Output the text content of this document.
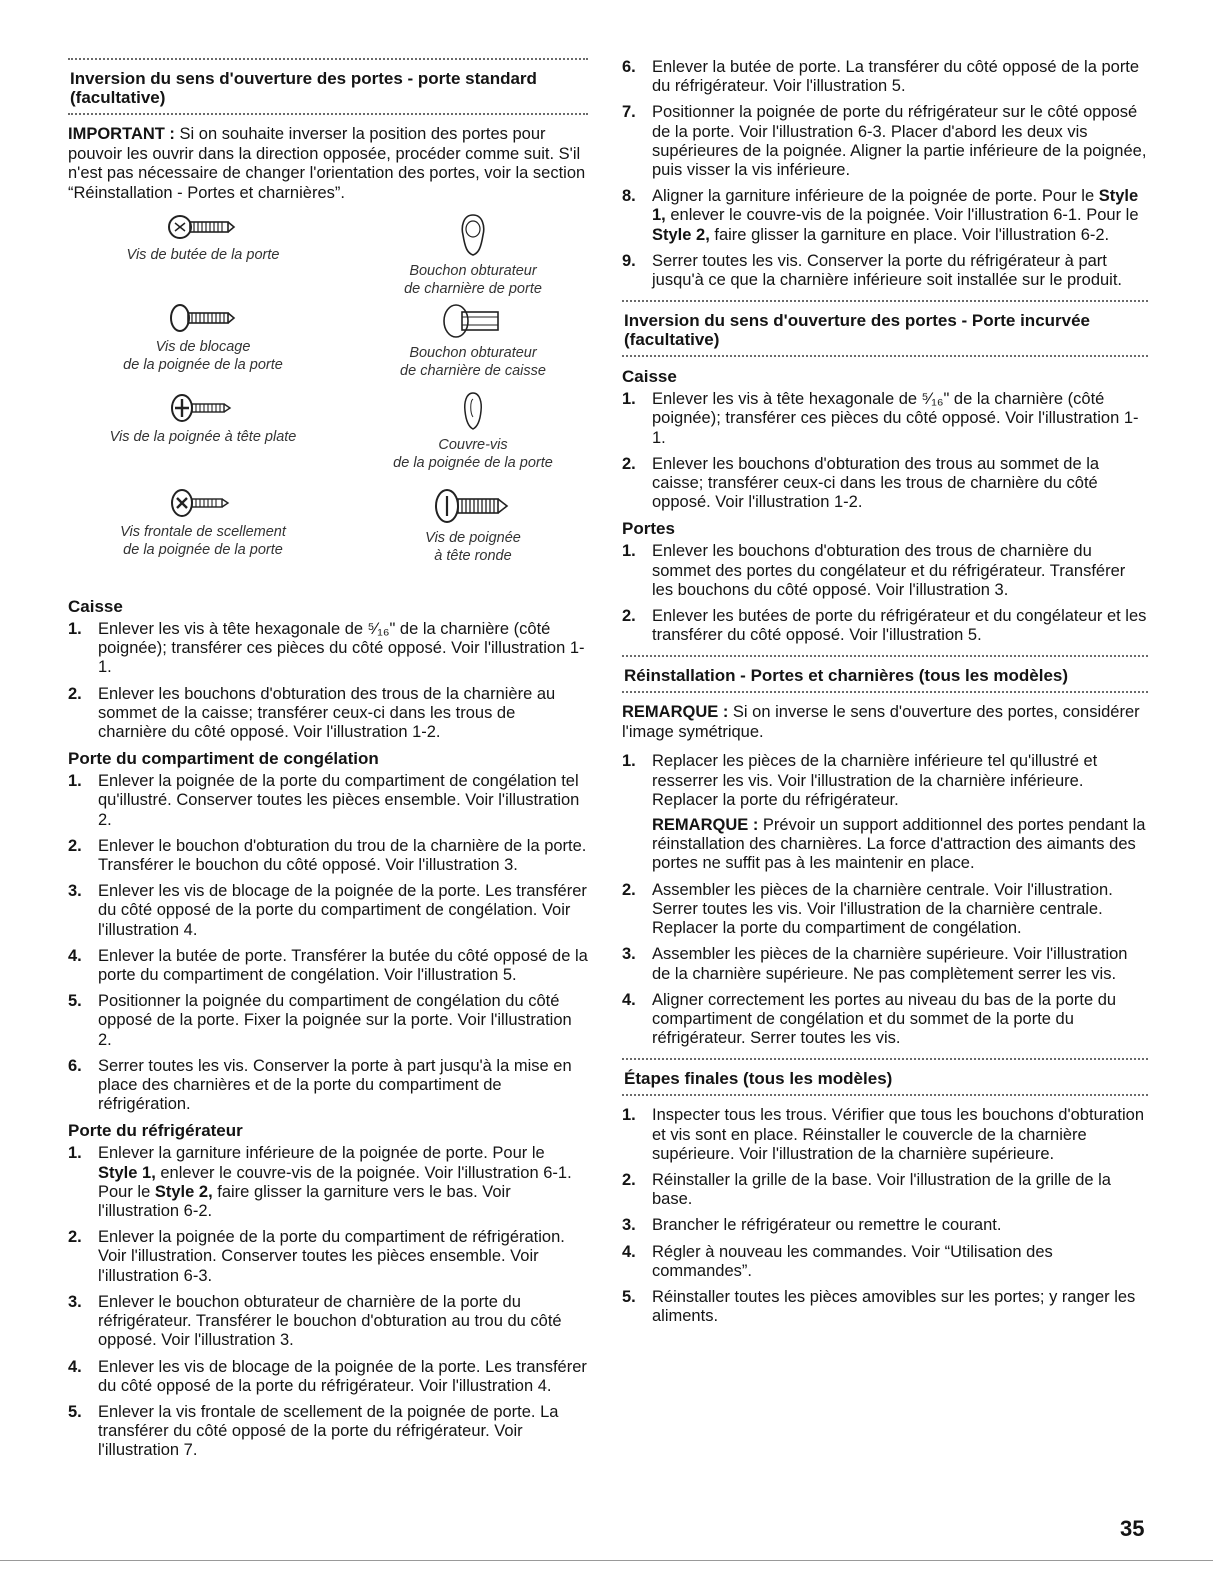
Inversion du sens d'ouverture des portes - porte standard (facultative)

IMPORTANT : Si on souhaite inverser la position des portes pour pouvoir les ouvrir dans la direction opposée, procéder comme suit. S'il n'est pas nécessaire de changer l'orientation des portes, voir la section “Réinstallation - Portes et charnières”.

Vis de butée de la porte
Bouchon obturateur
de charnière de porte
Vis de blocage
de la poignée de la porte
Bouchon obturateur
de charnière de caisse
Vis de la poignée à tête plate	Couvre-vis
de la poignée de la porte
Vis frontale de scellement
de la poignée de la porte
Vis de poignée
à tête ronde
Caisse
1. Enlever les vis à tête hexagonale de ⁵⁄₁₆" de la charnière (côté poignée); transférer ces pièces du côté opposé. Voir l'illustration 1-1.
2. Enlever les bouchons d'obturation des trous de la charnière au sommet de la caisse; transférer ceux-ci dans les trous de charnière du côté opposé. Voir l'illustration 1-2.
Porte du compartiment de congélation
1. Enlever la poignée de la porte du compartiment de congélation tel qu'illustré. Conserver toutes les pièces ensemble. Voir l'illustration 2.
2. Enlever le bouchon d'obturation du trou de la charnière de la porte. Transférer le bouchon du côté opposé. Voir l'illustration 3.
3. Enlever les vis de blocage de la poignée de la porte. Les transférer du côté opposé de la porte du compartiment de congélation. Voir l'illustration 4.
4. Enlever la butée de porte. Transférer la butée du côté opposé de la porte du compartiment de congélation. Voir l'illustration 5.
5. Positionner la poignée du compartiment de congélation du côté opposé de la porte. Fixer la poignée sur la porte. Voir l'illustration 2.
6. Serrer toutes les vis. Conserver la porte à part jusqu'à la mise en place des charnières et de la porte du compartiment de réfrigération.
Porte du réfrigérateur
1. Enlever la garniture inférieure de la poignée de porte. Pour le Style 1, enlever le couvre-vis de la poignée. Voir l'illustration 6-1. Pour le Style 2, faire glisser la garniture vers le bas. Voir l'illustration 6-2.
2. Enlever la poignée de la porte du compartiment de réfrigération. Voir l'illustration. Conserver toutes les pièces ensemble. Voir l'illustration 6-3.
3. Enlever le bouchon obturateur de charnière de la porte du réfrigérateur. Transférer le bouchon d'obturation au trou du côté opposé. Voir l'illustration 3.
4. Enlever les vis de blocage de la poignée de la porte. Les transférer du côté opposé de la porte du réfrigérateur. Voir l'illustration 4.
5. Enlever la vis frontale de scellement de la poignée de porte. La transférer du côté opposé de la porte du réfrigérateur. Voir l'illustration 7.
6. Enlever la butée de porte. La transférer du côté opposé de la porte du réfrigérateur. Voir l'illustration 5.
7. Positionner la poignée de porte du réfrigérateur sur le côté opposé de la porte. Voir l'illustration 6-3. Placer d'abord les deux vis supérieures de la poignée. Aligner la partie inférieure de la poignée, puis visser la vis inférieure.
8. Aligner la garniture inférieure de la poignée de porte. Pour le Style 1, enlever le couvre-vis de la poignée. Voir l'illustration 6-1. Pour le Style 2, faire glisser la garniture en place. Voir l'illustration 6-2.
9. Serrer toutes les vis. Conserver la porte du réfrigérateur à part jusqu'à ce que la charnière inférieure soit installée sur le produit.
Inversion du sens d'ouverture des portes - Porte incurvée (facultative)
Caisse
1. Enlever les vis à tête hexagonale de ⁵⁄₁₆" de la charnière (côté poignée); transférer ces pièces du côté opposé. Voir l'illustration 1-1.
2. Enlever les bouchons d'obturation des trous au sommet de la caisse; transférer ceux-ci dans les trous de charnière du côté opposé. Voir l'illustration 1-2.
Portes
1. Enlever les bouchons d'obturation des trous de charnière du sommet des portes du congélateur et du réfrigérateur. Transférer les bouchons du côté opposé. Voir l'illustration 3.
2. Enlever les butées de porte du réfrigérateur et du congélateur et les transférer du côté opposé. Voir l'illustration 5.
Réinstallation - Portes et charnières (tous les modèles)

REMARQUE : Si on inverse le sens d'ouverture des portes, considérer l'image symétrique.

1. Replacer les pièces de la charnière inférieure tel qu'illustré et resserrer les vis. Voir l'illustration de la charnière inférieure. Replacer la porte du réfrigérateur.
REMARQUE : Prévoir un support additionnel des portes pendant la réinstallation des charnières. La force d'attraction des aimants des portes ne suffit pas à les maintenir en place.
2. Assembler les pièces de la charnière centrale. Voir l'illustration. Serrer toutes les vis. Voir l'illustration de la charnière centrale. Replacer la porte du compartiment de congélation.
3. Assembler les pièces de la charnière supérieure. Voir l'illustration de la charnière supérieure. Ne pas complètement serrer les vis.
4. Aligner correctement les portes au niveau du bas de la porte du compartiment de congélation et du sommet de la porte du réfrigérateur. Serrer toutes les vis.
Étapes finales (tous les modèles)
1. Inspecter tous les trous. Vérifier que tous les bouchons d'obturation et vis sont en place. Réinstaller le couvercle de la charnière supérieure. Voir l'illustration de la charnière supérieure.
2. Réinstaller la grille de la base. Voir l'illustration de la grille de la base.
3. Brancher le réfrigérateur ou remettre le courant.
4. Régler à nouveau les commandes. Voir “Utilisation des commandes”.
5. Réinstaller toutes les pièces amovibles sur les portes; y ranger les aliments.
35
